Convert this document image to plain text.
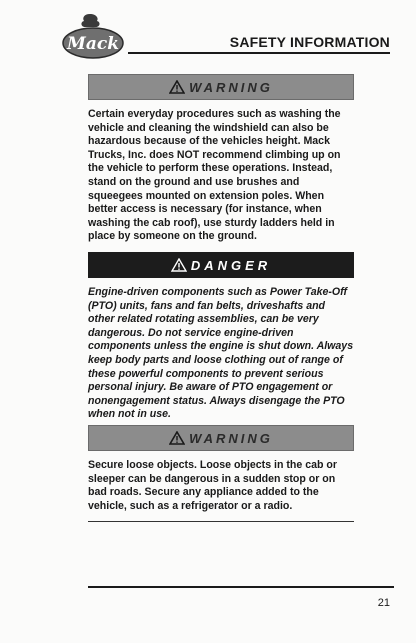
Mack	SAFETY INFORMATION
WARNING
Certain everyday procedures such as washing the vehicle and cleaning the windshield can also be hazardous because of the vehicles height. Mack Trucks, Inc. does NOT recommend climbing up on the vehicle to perform these operations. Instead, stand on the ground and use brushes and squeegees mounted on extension poles. When better access is necessary (for instance, when washing the cab roof), use sturdy ladders held in place by someone on the ground.
DANGER
Engine-driven components such as Power Take-Off (PTO) units, fans and fan belts, driveshafts and other related rotating assemblies, can be very dangerous. Do not service engine-driven components unless the engine is shut down. Always keep body parts and loose clothing out of range of these powerful components to prevent serious personal injury. Be aware of PTO engagement or nonengagement status. Always disengage the PTO when not in use.
WARNING
Secure loose objects. Loose objects in the cab or sleeper can be dangerous in a sudden stop or on bad roads. Secure any appliance added to the vehicle, such as a refrigerator or a radio.
21
